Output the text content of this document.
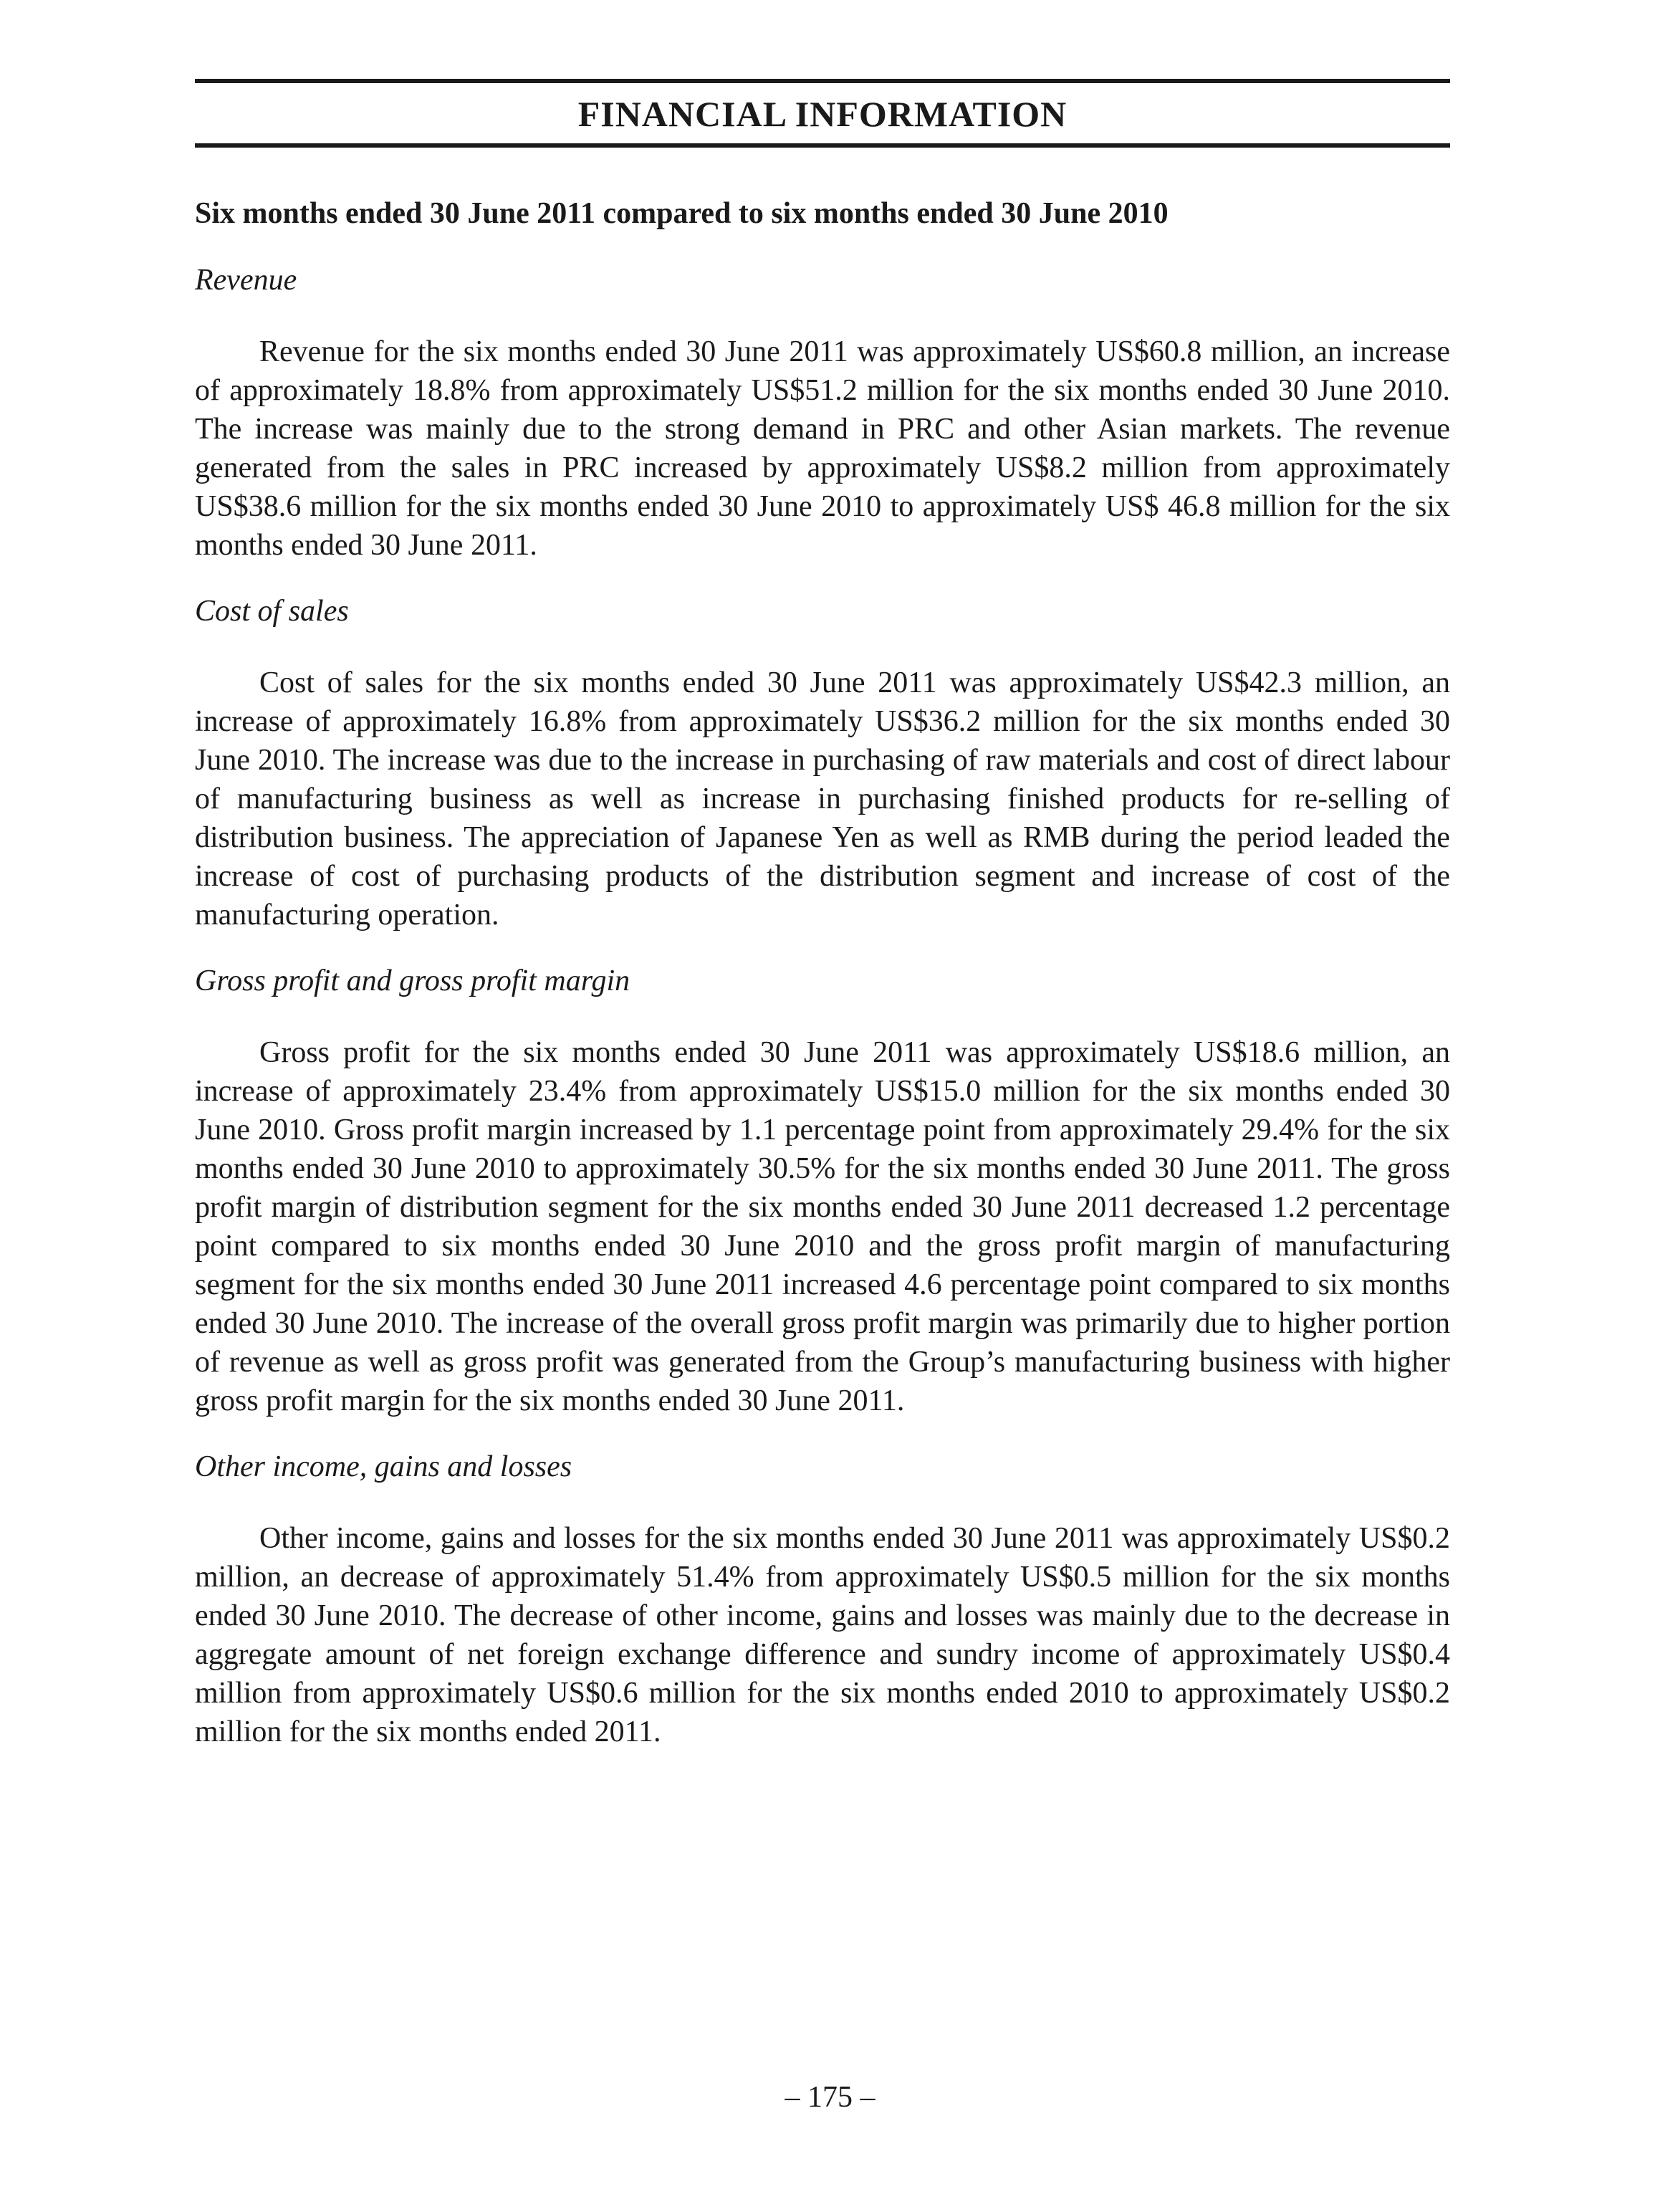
FINANCIAL INFORMATION
Six months ended 30 June 2011 compared to six months ended 30 June 2010
Revenue
Revenue for the six months ended 30 June 2011 was approximately US$60.8 million, an increase of approximately 18.8% from approximately US$51.2 million for the six months ended 30 June 2010. The increase was mainly due to the strong demand in PRC and other Asian markets. The revenue generated from the sales in PRC increased by approximately US$8.2 million from approximately US$38.6 million for the six months ended 30 June 2010 to approximately US$ 46.8 million for the six months ended 30 June 2011.
Cost of sales
Cost of sales for the six months ended 30 June 2011 was approximately US$42.3 million, an increase of approximately 16.8% from approximately US$36.2 million for the six months ended 30 June 2010. The increase was due to the increase in purchasing of raw materials and cost of direct labour of manufacturing business as well as increase in purchasing finished products for re-selling of distribution business. The appreciation of Japanese Yen as well as RMB during the period leaded the increase of cost of purchasing products of the distribution segment and increase of cost of the manufacturing operation.
Gross profit and gross profit margin
Gross profit for the six months ended 30 June 2011 was approximately US$18.6 million, an increase of approximately 23.4% from approximately US$15.0 million for the six months ended 30 June 2010. Gross profit margin increased by 1.1 percentage point from approximately 29.4% for the six months ended 30 June 2010 to approximately 30.5% for the six months ended 30 June 2011. The gross profit margin of distribution segment for the six months ended 30 June 2011 decreased 1.2 percentage point compared to six months ended 30 June 2010 and the gross profit margin of manufacturing segment for the six months ended 30 June 2011 increased 4.6 percentage point compared to six months ended 30 June 2010. The increase of the overall gross profit margin was primarily due to higher portion of revenue as well as gross profit was generated from the Group’s manufacturing business with higher gross profit margin for the six months ended 30 June 2011.
Other income, gains and losses
Other income, gains and losses for the six months ended 30 June 2011 was approximately US$0.2 million, an decrease of approximately 51.4% from approximately US$0.5 million for the six months ended 30 June 2010. The decrease of other income, gains and losses was mainly due to the decrease in aggregate amount of net foreign exchange difference and sundry income of approximately US$0.4 million from approximately US$0.6 million for the six months ended 2010 to approximately US$0.2 million for the six months ended 2011.
– 175 –
